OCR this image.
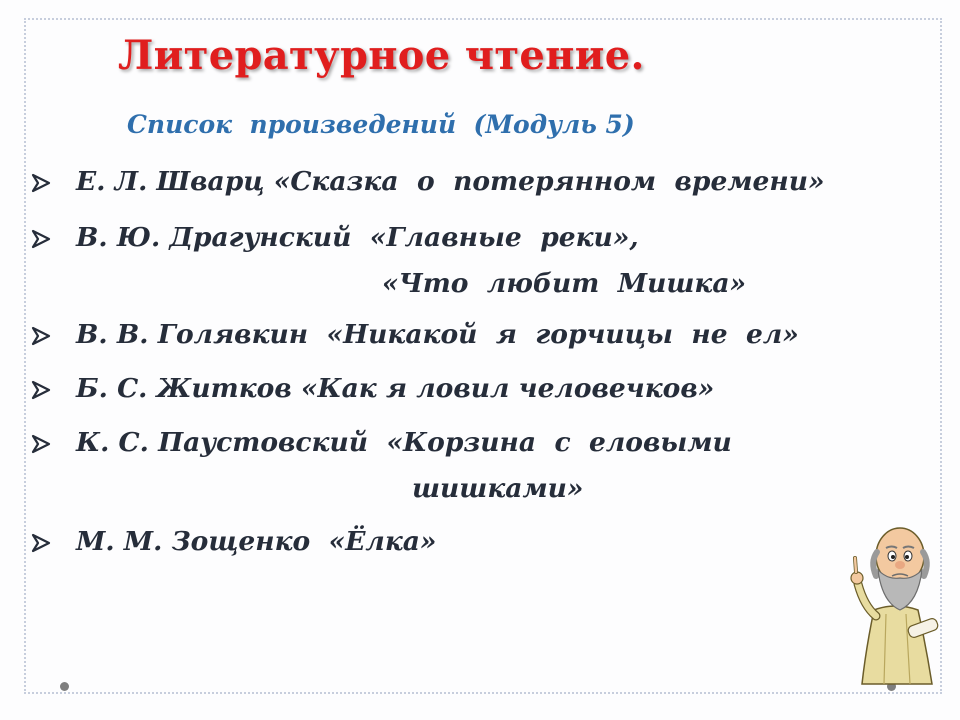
Литературное чтение.
Список  произведений  (Модуль 5)
Е. Л. Шварц «Сказка  о  потерянном  времени»
В. Ю. Драгунский  «Главные  реки»,
«Что  любит  Мишка»
В. В. Голявкин  «Никакой  я  горчицы  не  ел»
Б. С. Житков «Как я ловил человечков»
К. С. Паустовский  «Корзина  с  еловыми
шишками»
М. М. Зощенко  «Ёлка»
